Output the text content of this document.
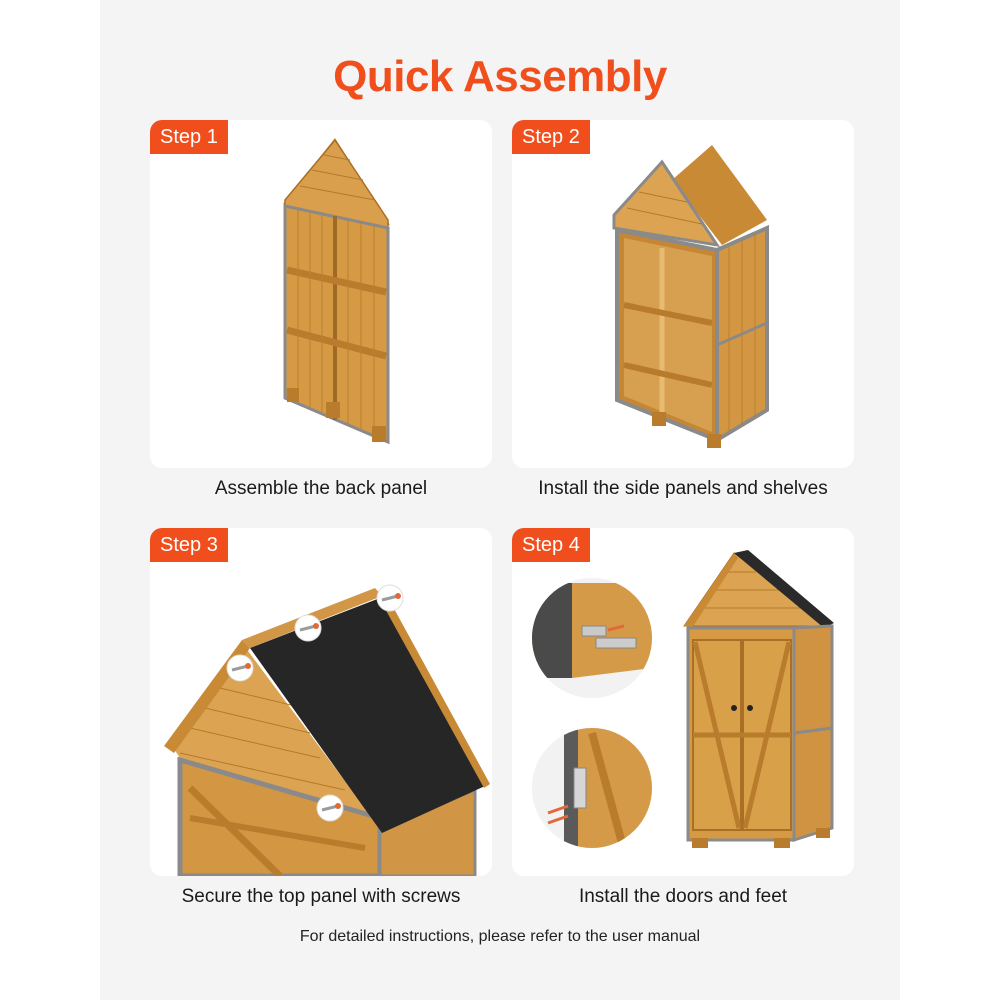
Quick Assembly
Step 1
Assemble the back panel
Step 2
Install the side panels and shelves
Step 3
Secure the top panel with screws
Step 4
Install the doors and feet
For detailed instructions, please refer to the user manual
